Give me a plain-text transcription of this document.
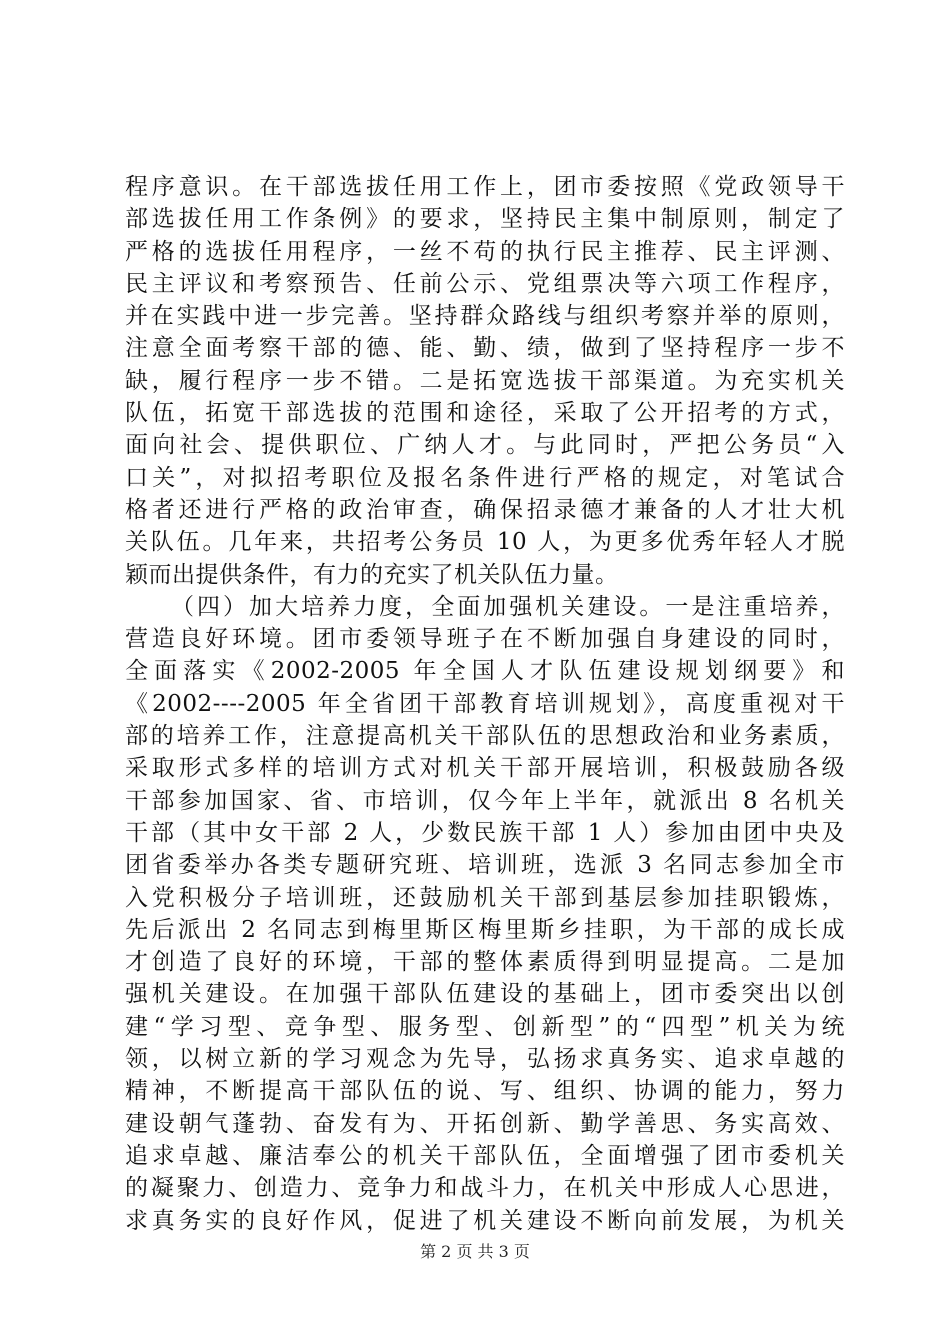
程序意识。在干部选拔任用工作上，团市委按照《党政领导干
部选拔任用工作条例》的要求，坚持民主集中制原则，制定了
严格的选拔任用程序，一丝不苟的执行民主推荐、民主评测、
民主评议和考察预告、任前公示、党组票决等六项工作程序，
并在实践中进一步完善。坚持群众路线与组织考察并举的原则，
注意全面考察干部的德、能、勤、绩，做到了坚持程序一步不
缺，履行程序一步不错。二是拓宽选拔干部渠道。为充实机关
队伍，拓宽干部选拔的范围和途径，采取了公开招考的方式，
面向社会、提供职位、广纳人才。与此同时，严把公务员“入
口关”，对拟招考职位及报名条件进行严格的规定，对笔试合
格者还进行严格的政治审查，确保招录德才兼备的人才壮大机
关队伍。几年来，共招考公务员 10 人，为更多优秀年轻人才脱
颖而出提供条件，有力的充实了机关队伍力量。
（四）加大培养力度，全面加强机关建设。一是注重培养，
营造良好环境。团市委领导班子在不断加强自身建设的同时，
全面落实《2002-2005 年全国人才队伍建设规划纲要》和
《2002----2005 年全省团干部教育培训规划》，高度重视对干
部的培养工作，注意提高机关干部队伍的思想政治和业务素质，
采取形式多样的培训方式对机关干部开展培训，积极鼓励各级
干部参加国家、省、市培训，仅今年上半年，就派出 8 名机关
干部（其中女干部 2 人，少数民族干部 1 人）参加由团中央及
团省委举办各类专题研究班、培训班，选派 3 名同志参加全市
入党积极分子培训班，还鼓励机关干部到基层参加挂职锻炼，
先后派出 2 名同志到梅里斯区梅里斯乡挂职，为干部的成长成
才创造了良好的环境，干部的整体素质得到明显提高。二是加
强机关建设。在加强干部队伍建设的基础上，团市委突出以创
建“学习型、竞争型、服务型、创新型”的“四型”机关为统
领，以树立新的学习观念为先导，弘扬求真务实、追求卓越的
精神，不断提高干部队伍的说、写、组织、协调的能力，努力
建设朝气蓬勃、奋发有为、开拓创新、勤学善思、务实高效、
追求卓越、廉洁奉公的机关干部队伍，全面增强了团市委机关
的凝聚力、创造力、竞争力和战斗力，在机关中形成人心思进，
求真务实的良好作风，促进了机关建设不断向前发展，为机关
第 2 页 共 3 页
